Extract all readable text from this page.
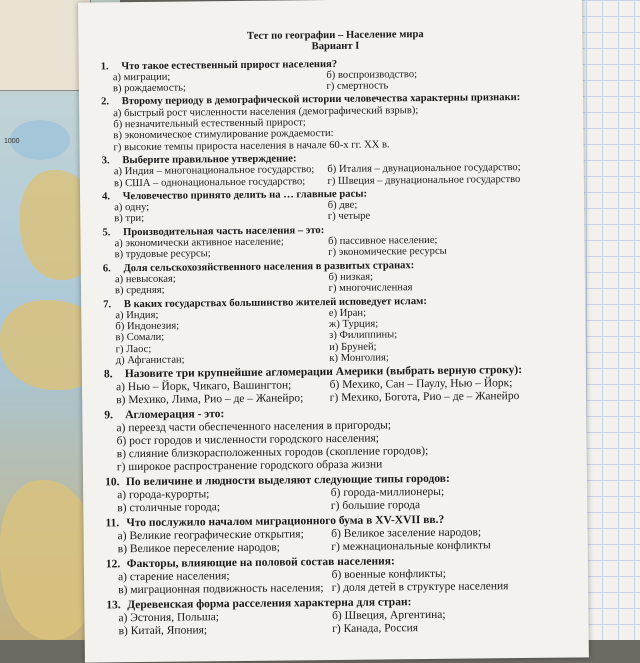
1000
Тест по географии – Население мира
Вариант I
1. Что такое естественный прирост населения?
а) миграции;	б) воспроизводство;
в) рождаемость;	г) смертность
2. Второму периоду в демографической истории человечества характерны признаки:
а) быстрый рост численности населения (демографический взрыв);
б) незначительный естественный прирост;
в) экономическое стимулирование рождаемости:
г) высокие темпы прироста населения в начале 60-х гг. XX в.
3. Выберите правильное утверждение:
а) Индия – многонациональное государство;	б) Италия – двунациональное государство;
в) США – однонациональное государство;	г) Швеция – двунациональное государство
4. Человечество принято делить на … главные расы:
а) одну;	б) две;
в) три;	г) четыре
5. Производительная часть населения – это:
а) экономически активное население;	б) пассивное население;
в) трудовые ресурсы;	г) экономические ресурсы
6. Доля сельскохозяйственного населения в развитых странах:
а) невысокая;	б) низкая;
в) средняя;	г) многочисленная
7. В каких государствах большинство жителей исповедует ислам:
а) Индия;	е) Иран;
б) Индонезия;	ж) Турция;
в) Сомали;	з) Филиппины;
г) Лаос;	и) Бруней;
д) Афганистан;	к) Монголия;
8. Назовите три крупнейшие агломерации Америки (выбрать верную строку):
а) Нью – Йорк, Чикаго, Вашингтон;	б) Мехико, Сан – Паулу, Нью – Йорк;
в) Мехико, Лима, Рио – де – Жанейро;	г) Мехико, Богота, Рио – де – Жанейро
9. Агломерация - это:
а) переезд части обеспеченного населения в пригороды;
б) рост городов и численности городского населения;
в) слияние близкорасположенных городов (скопление городов);
г) широкое распространение городского образа жизни
10. По величине и людности выделяют следующие типы городов:
а) города-курорты;	б) города-миллионеры;
в) столичные города;	г) большие города
11. Что послужило началом миграционного бума в XV-XVII вв.?
а) Великие географические открытия;	б) Великое заселение народов;
в) Великое переселение народов;	г) межнациональные конфликты
12. Факторы, влияющие на половой состав населения:
а) старение населения;	б) военные конфликты;
в) миграционная подвижность населения; г) доля детей в структуре населения
13. Деревенская форма расселения характерна для стран:
а) Эстония, Польша;	б) Швеция, Аргентина;
в) Китай, Япония;	г) Канада, Россия
